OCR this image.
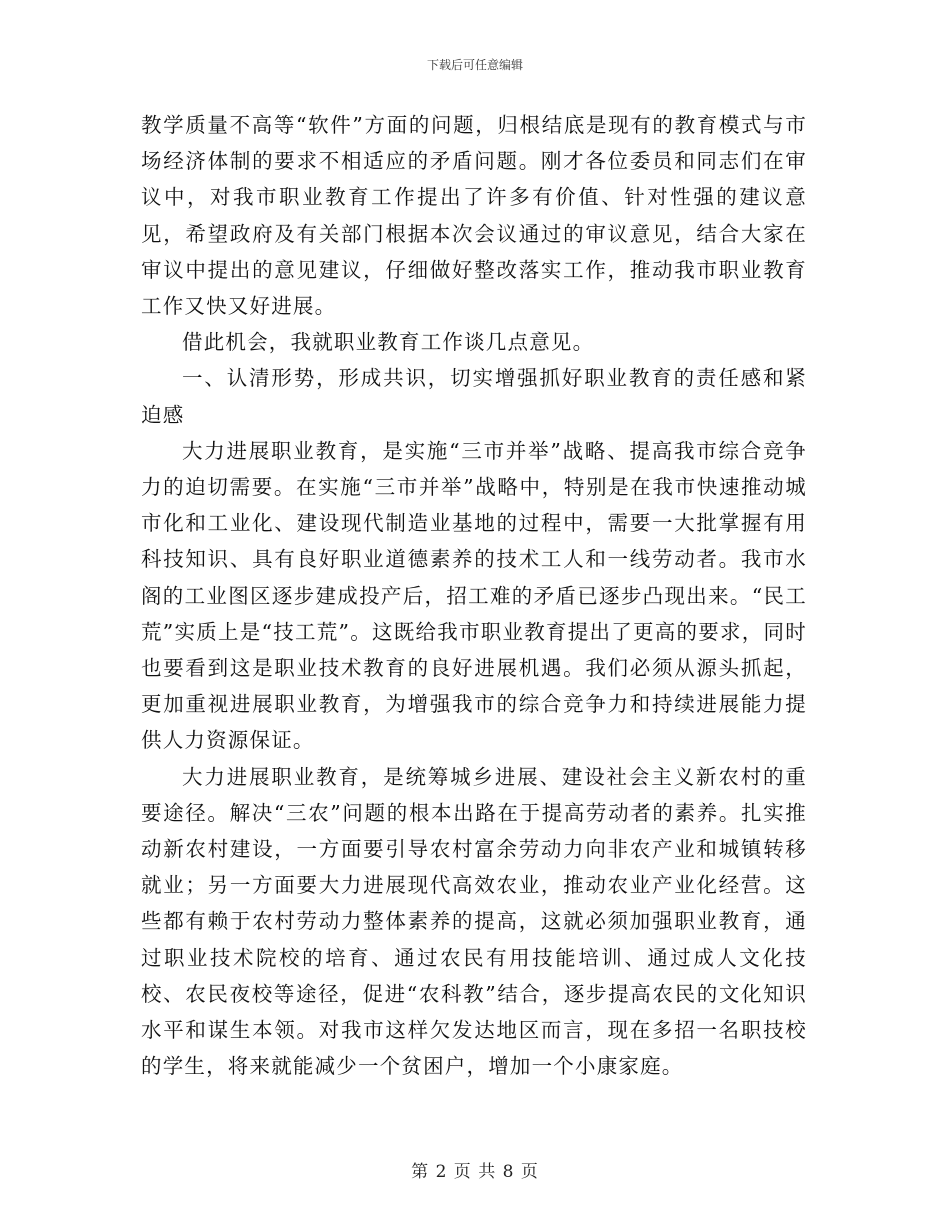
下载后可任意编辑

教学质量不高等“软件”方面的问题，归根结底是现有的教育模式与市场经济体制的要求不相适应的矛盾问题。刚才各位委员和同志们在审议中，对我市职业教育工作提出了许多有价值、针对性强的建议意见，希望政府及有关部门根据本次会议通过的审议意见，结合大家在审议中提出的意见建议，仔细做好整改落实工作，推动我市职业教育工作又快又好进展。

借此机会，我就职业教育工作谈几点意见。

一、认清形势，形成共识，切实增强抓好职业教育的责任感和紧迫感

大力进展职业教育，是实施“三市并举”战略、提高我市综合竞争力的迫切需要。在实施“三市并举”战略中，特别是在我市快速推动城市化和工业化、建设现代制造业基地的过程中，需要一大批掌握有用科技知识、具有良好职业道德素养的技术工人和一线劳动者。我市水阁的工业图区逐步建成投产后，招工难的矛盾已逐步凸现出来。“民工荒”实质上是“技工荒”。这既给我市职业教育提出了更高的要求，同时也要看到这是职业技术教育的良好进展机遇。我们必须从源头抓起，更加重视进展职业教育，为增强我市的综合竞争力和持续进展能力提供人力资源保证。

大力进展职业教育，是统筹城乡进展、建设社会主义新农村的重要途径。解决“三农”问题的根本出路在于提高劳动者的素养。扎实推动新农村建设，一方面要引导农村富余劳动力向非农产业和城镇转移就业；另一方面要大力进展现代高效农业，推动农业产业化经营。这些都有赖于农村劳动力整体素养的提高，这就必须加强职业教育，通过职业技术院校的培育、通过农民有用技能培训、通过成人文化技校、农民夜校等途径，促进“农科教”结合，逐步提高农民的文化知识水平和谋生本领。对我市这样欠发达地区而言，现在多招一名职技校的学生，将来就能减少一个贫困户，增加一个小康家庭。

第 2 页 共 8 页
